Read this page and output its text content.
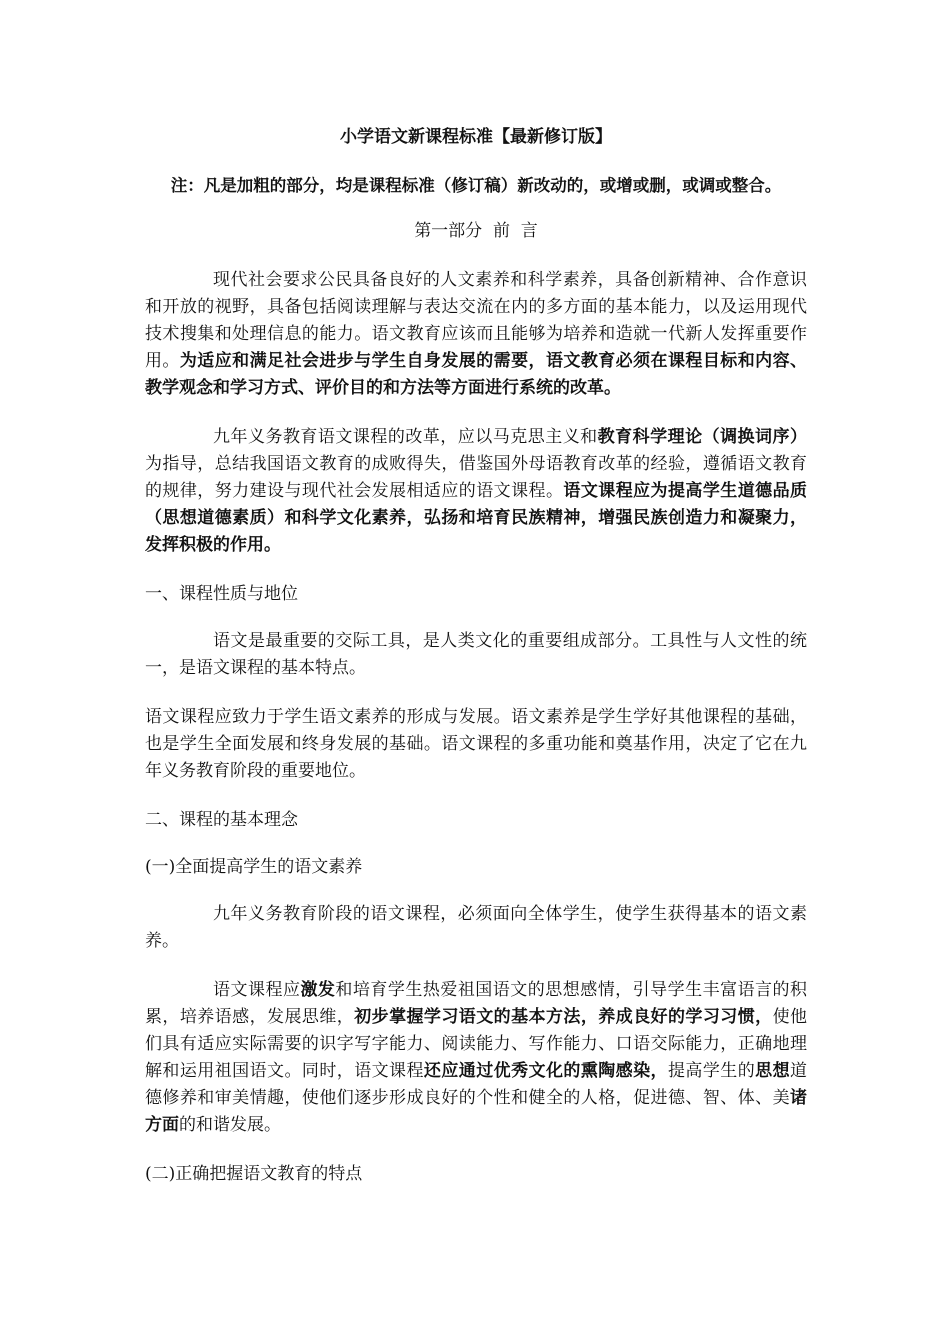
小学语文新课程标准【最新修订版】
注：凡是加粗的部分，均是课程标准（修订稿）新改动的，或增或删，或调或整合。
第一部分  前  言

现代社会要求公民具备良好的人文素养和科学素养，具备创新精神、合作意识和开放的视野，具备包括阅读理解与表达交流在内的多方面的基本能力，以及运用现代技术搜集和处理信息的能力。语文教育应该而且能够为培养和造就一代新人发挥重要作用。为适应和满足社会进步与学生自身发展的需要，语文教育必须在课程目标和内容、教学观念和学习方式、评价目的和方法等方面进行系统的改革。

九年义务教育语文课程的改革，应以马克思主义和教育科学理论（调换词序）为指导，总结我国语文教育的成败得失，借鉴国外母语教育改革的经验，遵循语文教育的规律，努力建设与现代社会发展相适应的语文课程。语文课程应为提高学生道德品质（思想道德素质）和科学文化素养，弘扬和培育民族精神，增强民族创造力和凝聚力，发挥积极的作用。

一、课程性质与地位

语文是最重要的交际工具，是人类文化的重要组成部分。工具性与人文性的统一，是语文课程的基本特点。

语文课程应致力于学生语文素养的形成与发展。语文素养是学生学好其他课程的基础，也是学生全面发展和终身发展的基础。语文课程的多重功能和奠基作用，决定了它在九年义务教育阶段的重要地位。

二、课程的基本理念
(一)全面提高学生的语文素养

九年义务教育阶段的语文课程，必须面向全体学生，使学生获得基本的语文素养。

语文课程应激发和培育学生热爱祖国语文的思想感情，引导学生丰富语言的积累，培养语感，发展思维，初步掌握学习语文的基本方法，养成良好的学习习惯，使他们具有适应实际需要的识字写字能力、阅读能力、写作能力、口语交际能力，正确地理解和运用祖国语文。同时，语文课程还应通过优秀文化的熏陶感染，提高学生的思想道德修养和审美情趣，使他们逐步形成良好的个性和健全的人格，促进德、智、体、美诸方面的和谐发展。

(二)正确把握语文教育的特点
